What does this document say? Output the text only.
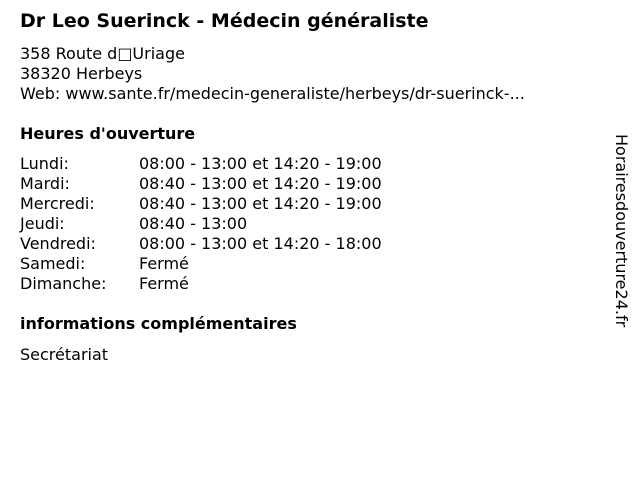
Dr Leo Suerinck - Médecin généraliste
358 Route d□Uriage
38320 Herbeys
Web: www.sante.fr/medecin-generaliste/herbeys/dr-suerinck-...
Heures d'ouverture
Lundi:	08:00 - 13:00 et 14:20 - 19:00
Mardi:	08:40 - 13:00 et 14:20 - 19:00
Mercredi:	08:40 - 13:00 et 14:20 - 19:00
Jeudi:	08:40 - 13:00
Vendredi:	08:00 - 13:00 et 14:20 - 18:00
Samedi:	Fermé
Dimanche:	Fermé
informations complémentaires
Secrétariat
Horairesdouverture24.fr
